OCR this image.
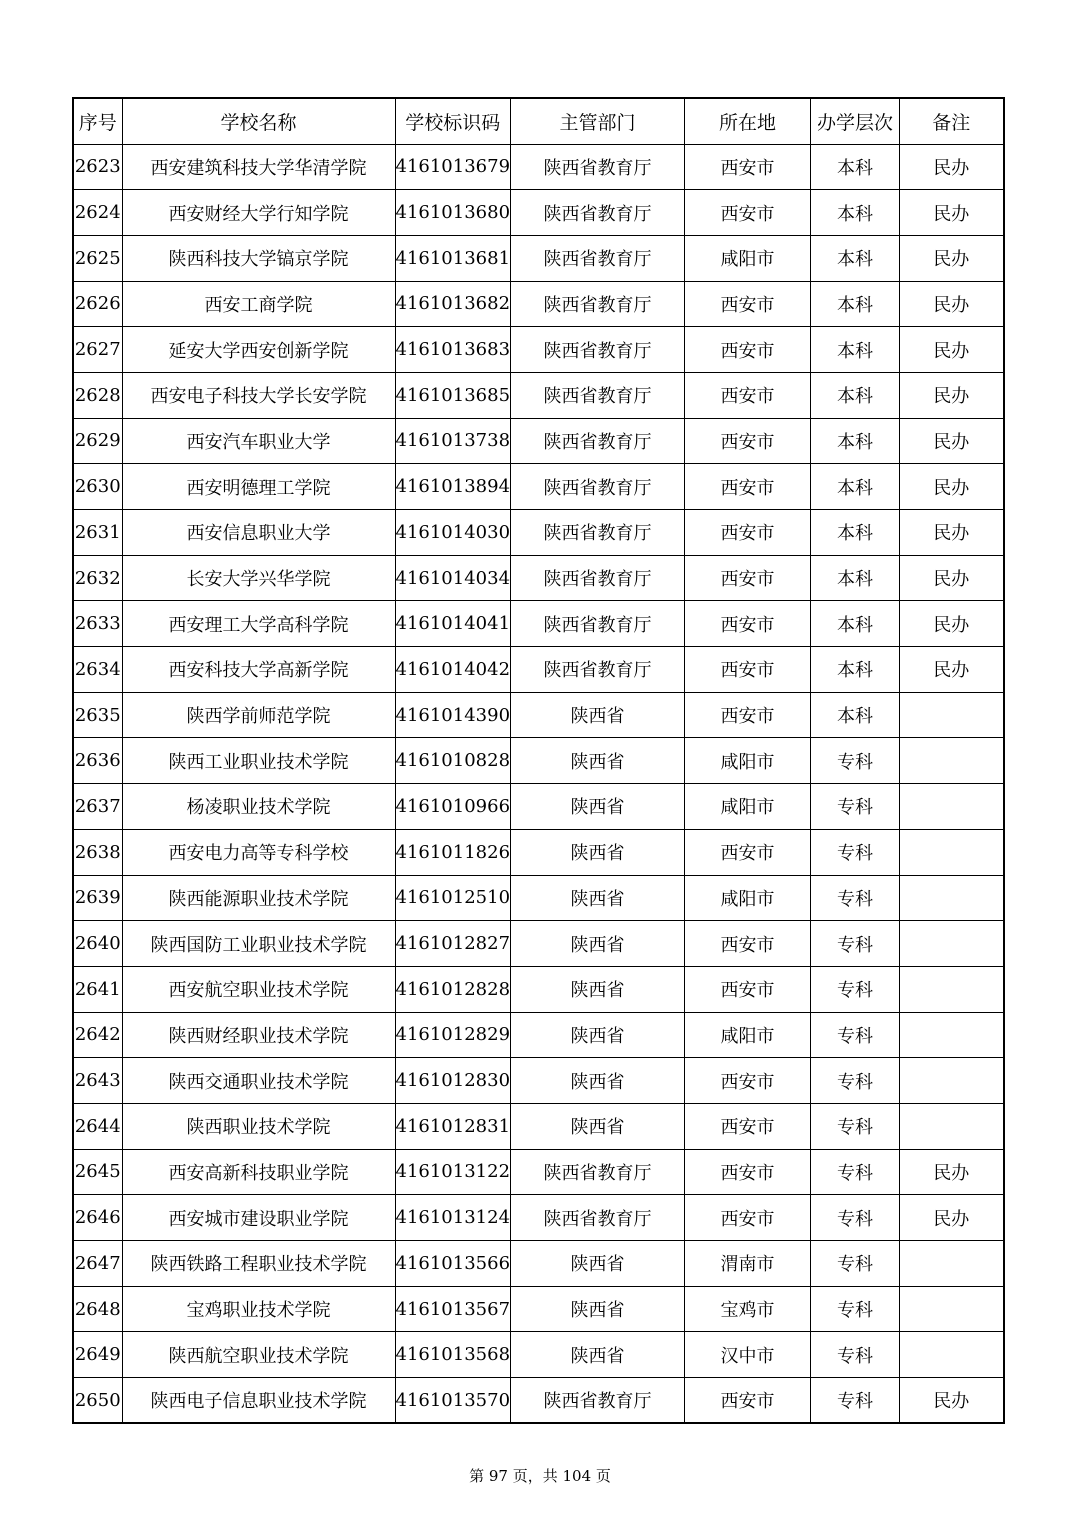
序号	学校名称	学校标识码	主管部门	所在地	办学层次	备注
2623	西安建筑科技大学华清学院	4161013679	陕西省教育厅	西安市	本科	民办
2624	西安财经大学行知学院	4161013680	陕西省教育厅	西安市	本科	民办
2625	陕西科技大学镐京学院	4161013681	陕西省教育厅	咸阳市	本科	民办
2626	西安工商学院	4161013682	陕西省教育厅	西安市	本科	民办
2627	延安大学西安创新学院	4161013683	陕西省教育厅	西安市	本科	民办
2628	西安电子科技大学长安学院	4161013685	陕西省教育厅	西安市	本科	民办
2629	西安汽车职业大学	4161013738	陕西省教育厅	西安市	本科	民办
2630	西安明德理工学院	4161013894	陕西省教育厅	西安市	本科	民办
2631	西安信息职业大学	4161014030	陕西省教育厅	西安市	本科	民办
2632	长安大学兴华学院	4161014034	陕西省教育厅	西安市	本科	民办
2633	西安理工大学高科学院	4161014041	陕西省教育厅	西安市	本科	民办
2634	西安科技大学高新学院	4161014042	陕西省教育厅	西安市	本科	民办
2635	陕西学前师范学院	4161014390	陕西省	西安市	本科	
2636	陕西工业职业技术学院	4161010828	陕西省	咸阳市	专科	
2637	杨凌职业技术学院	4161010966	陕西省	咸阳市	专科	
2638	西安电力高等专科学校	4161011826	陕西省	西安市	专科	
2639	陕西能源职业技术学院	4161012510	陕西省	咸阳市	专科	
2640	陕西国防工业职业技术学院	4161012827	陕西省	西安市	专科	
2641	西安航空职业技术学院	4161012828	陕西省	西安市	专科	
2642	陕西财经职业技术学院	4161012829	陕西省	咸阳市	专科	
2643	陕西交通职业技术学院	4161012830	陕西省	西安市	专科	
2644	陕西职业技术学院	4161012831	陕西省	西安市	专科	
2645	西安高新科技职业学院	4161013122	陕西省教育厅	西安市	专科	民办
2646	西安城市建设职业学院	4161013124	陕西省教育厅	西安市	专科	民办
2647	陕西铁路工程职业技术学院	4161013566	陕西省	渭南市	专科	
2648	宝鸡职业技术学院	4161013567	陕西省	宝鸡市	专科	
2649	陕西航空职业技术学院	4161013568	陕西省	汉中市	专科	
2650	陕西电子信息职业技术学院	4161013570	陕西省教育厅	西安市	专科	民办
第 97 页，共 104 页
